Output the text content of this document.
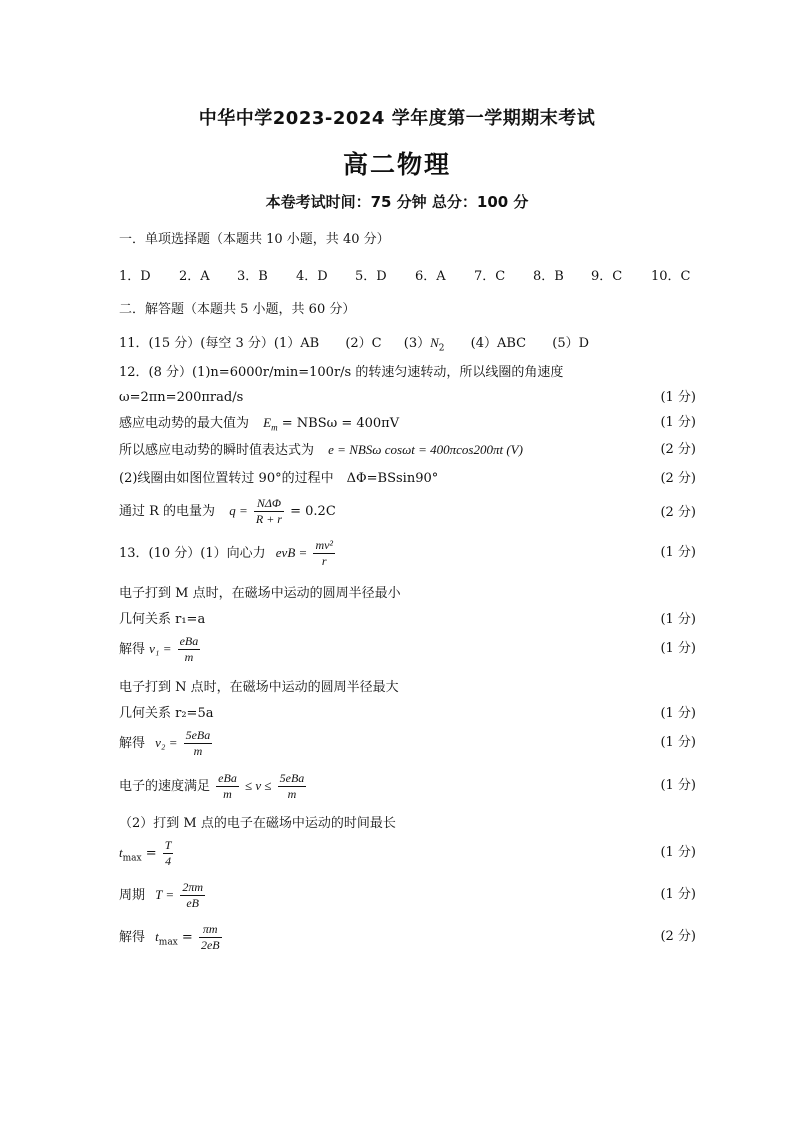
中华中学2023-2024 学年度第一学期期末考试
高二物理
本卷考试时间：75 分钟 总分：100 分
一．单项选择题（本题共 10 小题，共 40 分）
1．D 2．A 3．B 4．D 5．D 6．A 7．C 8．B 9．C 10．C
二．解答题（本题共 5 小题，共 60 分）
11．(15 分）(每空 3 分）(1）AB (2）C $(3)N_2$ (4）ABC (5）D
12．(8 分）(1)n=6000r/min=100r/s 的转速匀速转动，所以线圈的角速度
ω=2πn=200πrad/s	(1 分)
感应电动势的最大值为 $E_m = NBS\omega = 400\pi V$	(1 分)
所以感应电动势的瞬时值表达式为 e = NBSω cosωt = 400πcos200πt (V)	(2 分)
(2)线圈由如图位置转过 90°的过程中　ΔΦ=BSsin90°	(2 分)
通过 R 的电量为 $q = \frac{\text{NΔΦ}}{R + r} = 0.2C$	(2 分)
13．(10 分）(1）向心力 evB = $\frac{\text{mv²}}{r}$	(1 分)
电子打到 M 点时，在磁场中运动的圆周半径最小
几何关系 r₁=a	(1 分)
解得 $v_1 = \frac{\text{eBa}}{m}$	(1 分)
电子打到 N 点时，在磁场中运动的圆周半径最大
几何关系 r₂=5a	(1 分)
解得 $v_2 = \frac{\text{5eBa}}{m}$	(1 分)
电子的速度满足 $\frac{\text{eBa}}{m} \le v \le \frac{\text{5eBa}}{m}$	(1 分)
（2）打到 M 点的电子在磁场中运动的时间最长
$t_{max} = \frac{T}{4}$	(1 分)
周期 $T = \frac{2\pi m}{eB}$	(1 分)
解得 $t_{max} = \frac{\pi m}{2eB}$	(2 分)
